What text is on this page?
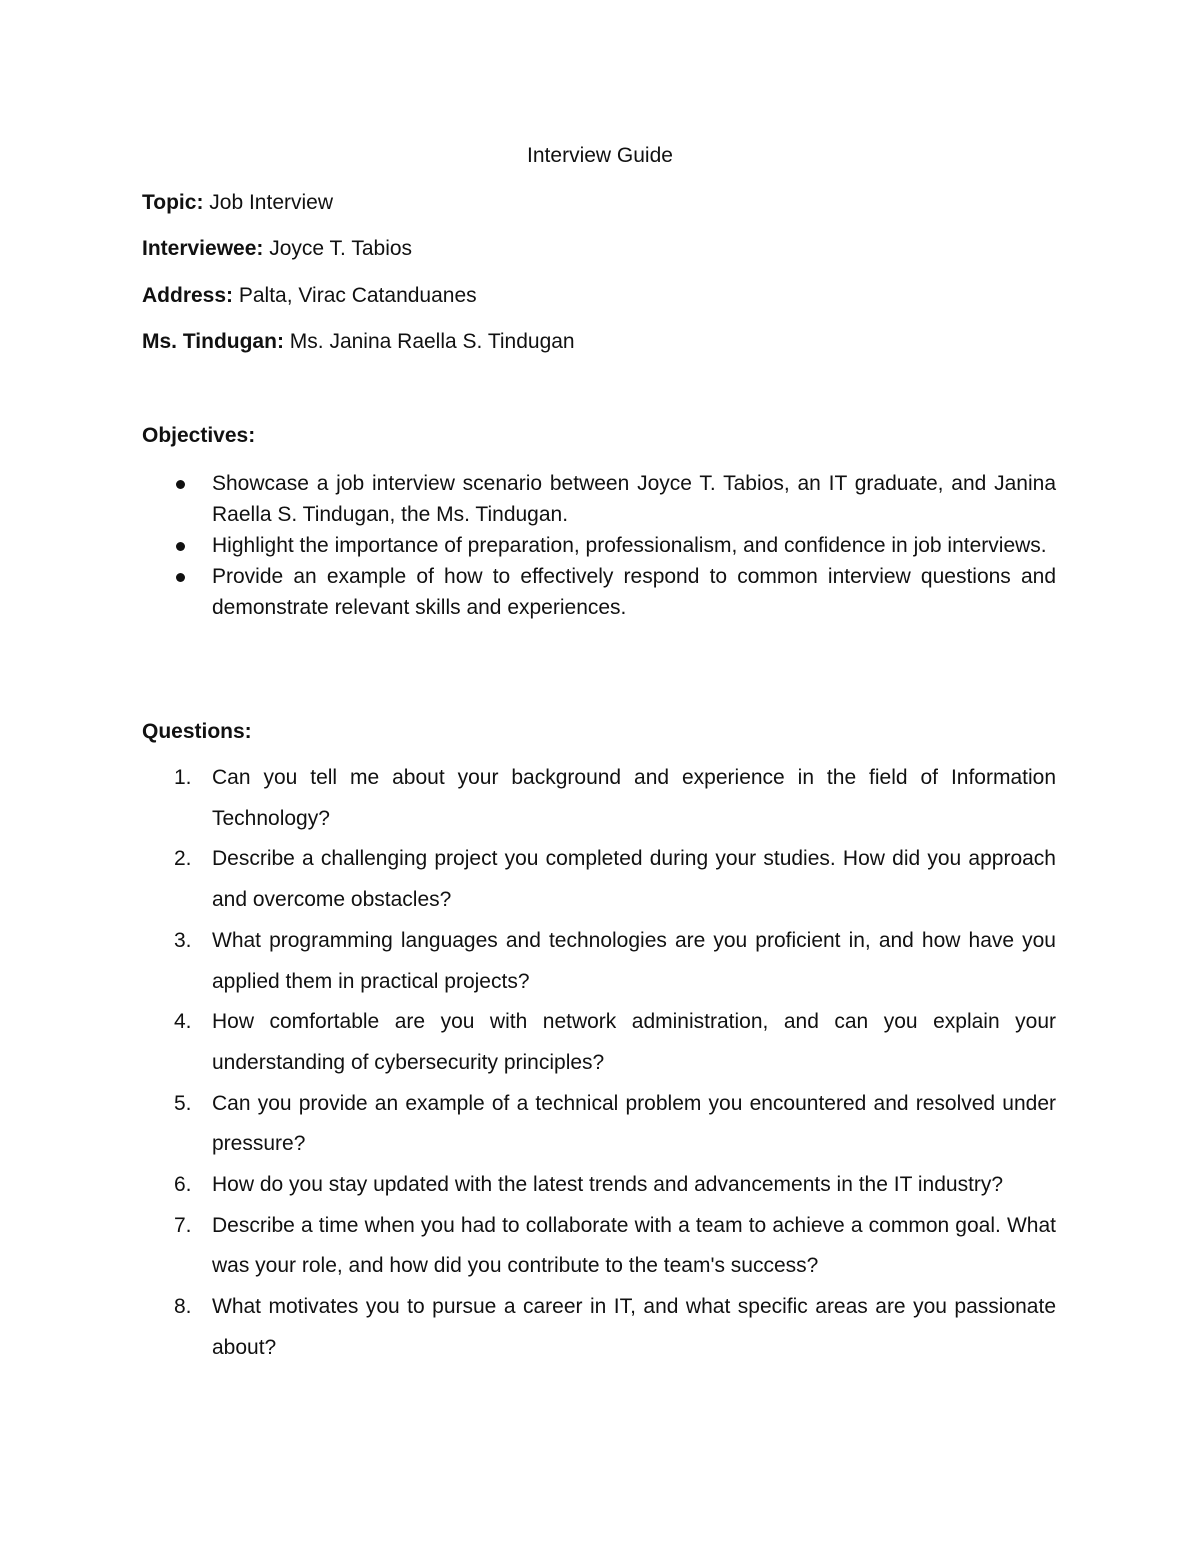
Interview Guide
Topic: Job Interview
Interviewee: Joyce T. Tabios
Address: Palta, Virac Catanduanes
Ms. Tindugan: Ms. Janina Raella S. Tindugan
Objectives:
Showcase a job interview scenario between Joyce T. Tabios, an IT graduate, and Janina Raella S. Tindugan, the Ms. Tindugan.
Highlight the importance of preparation, professionalism, and confidence in job interviews.
Provide an example of how to effectively respond to common interview questions and demonstrate relevant skills and experiences.
Questions:
1. Can you tell me about your background and experience in the field of Information Technology?
2. Describe a challenging project you completed during your studies. How did you approach and overcome obstacles?
3. What programming languages and technologies are you proficient in, and how have you applied them in practical projects?
4. How comfortable are you with network administration, and can you explain your understanding of cybersecurity principles?
5. Can you provide an example of a technical problem you encountered and resolved under pressure?
6. How do you stay updated with the latest trends and advancements in the IT industry?
7. Describe a time when you had to collaborate with a team to achieve a common goal. What was your role, and how did you contribute to the team's success?
8. What motivates you to pursue a career in IT, and what specific areas are you passionate about?
